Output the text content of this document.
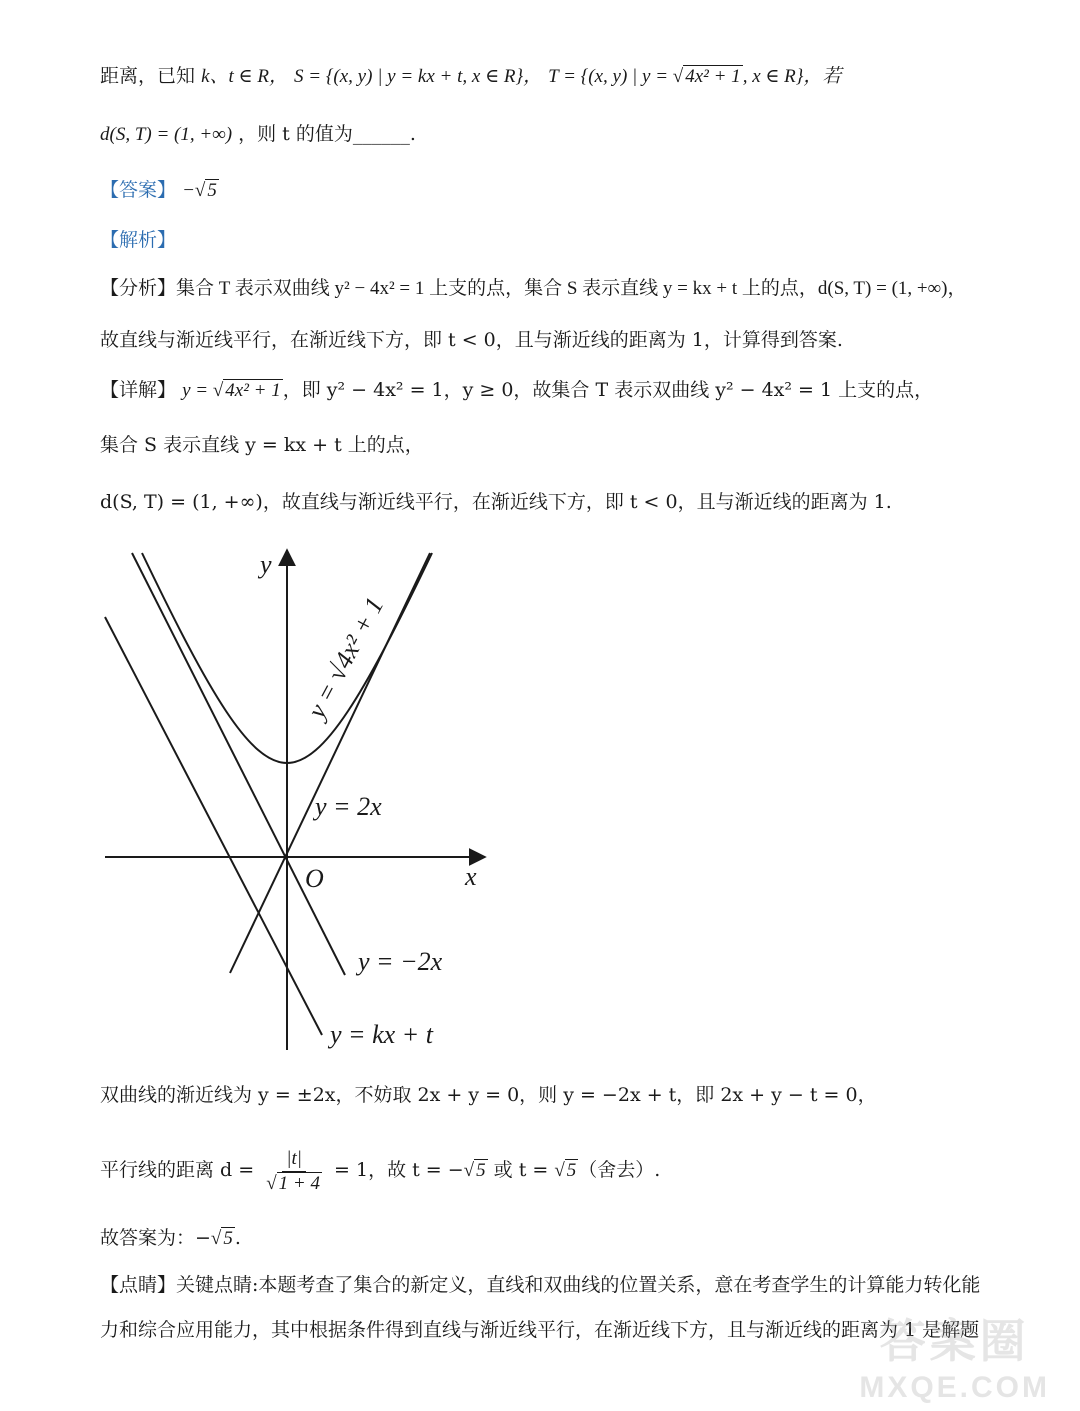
距离，已知 k、t ∈ R， S = {(x, y) | y = kx + t, x ∈ R}， T = {(x, y) | y = √ 4x² + 1 , x ∈ R}，若
d(S, T) = (1, +∞) ，则 t 的值为______.
【答案】 −√ 5
【解析】
【分析】集合 T 表示双曲线 y² − 4x² = 1 上支的点，集合 S 表示直线 y = kx + t 上的点，d(S, T) = (1, +∞)，
故直线与渐近线平行，在渐近线下方，即 t < 0，且与渐近线的距离为 1，计算得到答案.
【详解】 y = √ 4x² + 1 ，即 y² − 4x² = 1，y ≥ 0，故集合 T 表示双曲线 y² − 4x² = 1 上支的点，
集合 S 表示直线 y = kx + t 上的点，
d(S, T) = (1, +∞)，故直线与渐近线平行，在渐近线下方，即 t < 0，且与渐近线的距离为 1.
y
x
O
y = √4x² + 1
y = 2x
y = −2x
y = kx + t
双曲线的渐近线为 y = ±2x，不妨取 2x + y = 0，则 y = −2x + t，即 2x + y − t = 0，
平行线的距离 $d = \frac{|t|}{√ 1 + 4} = 1$，故 t = −√ 5 或 t = √ 5 （舍去）.
故答案为：−√ 5 .
【点睛】关键点睛:本题考查了集合的新定义，直线和双曲线的位置关系，意在考查学生的计算能力转化能
力和综合应用能力，其中根据条件得到直线与渐近线平行，在渐近线下方，且与渐近线的距离为 1 是解题
答案圈
MXQE.COM
